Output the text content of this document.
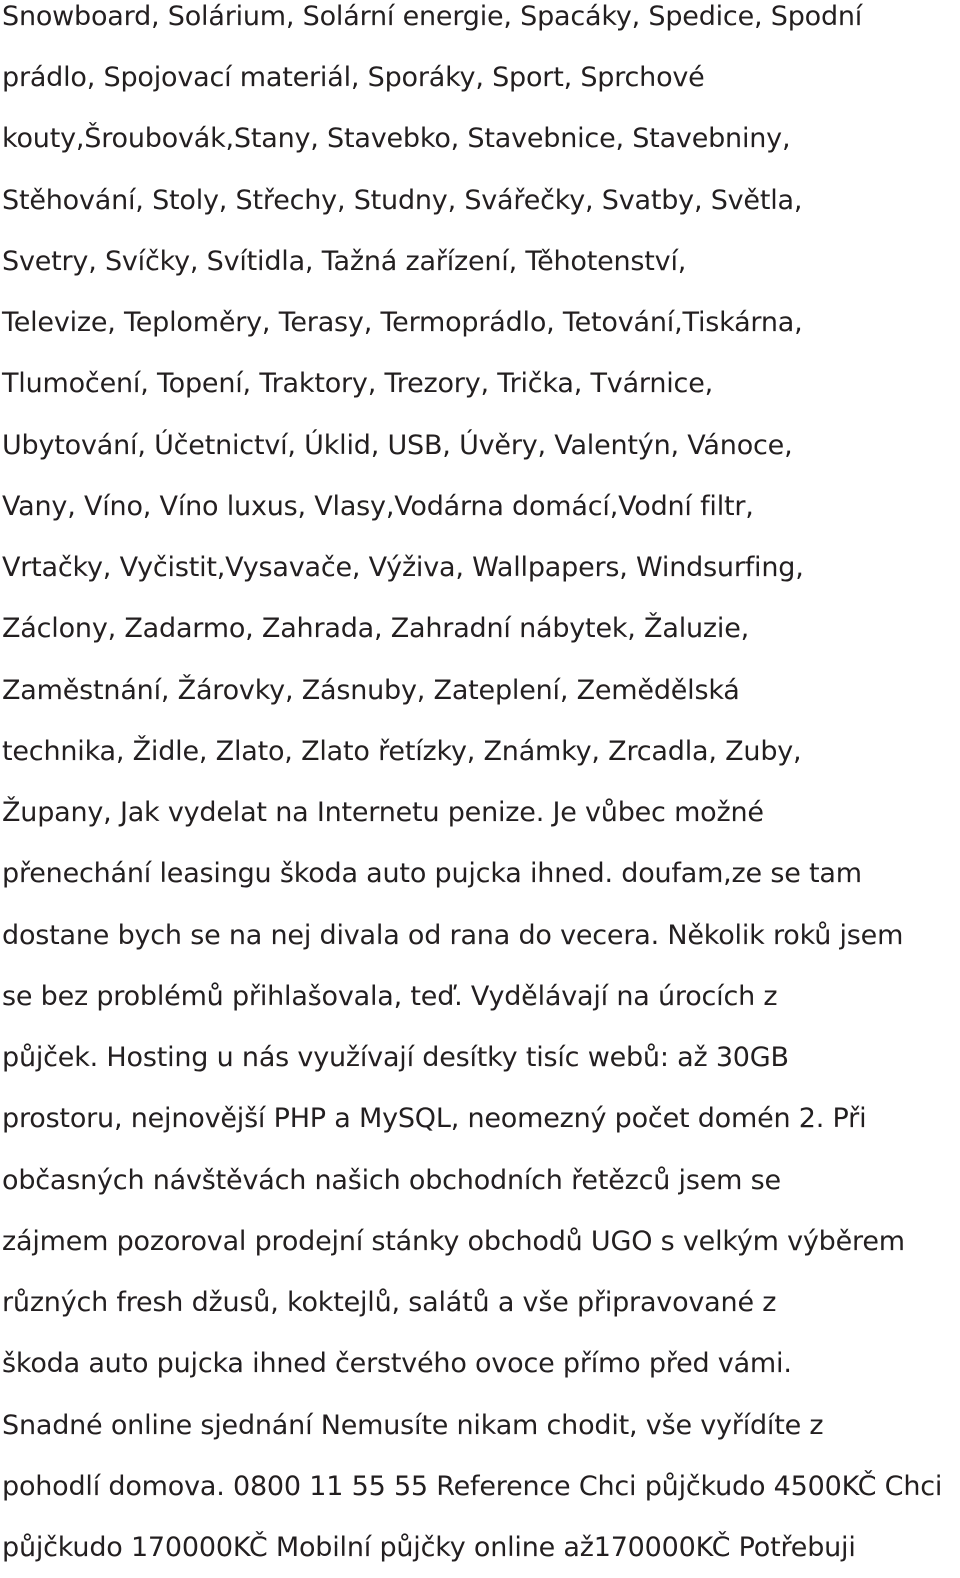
Snowboard, Solárium, Solární energie, Spacáky, Spedice, Spodní
prádlo, Spojovací materiál, Sporáky, Sport, Sprchové
kouty,Šroubovák,Stany, Stavebko, Stavebnice, Stavebniny,
Stěhování, Stoly, Střechy, Studny, Svářečky, Svatby, Světla,
Svetry, Svíčky, Svítidla, Tažná zařízení, Těhotenství,
Televize, Teploměry, Terasy, Termoprádlo, Tetování,Tiskárna,
Tlumočení, Topení, Traktory, Trezory, Trička, Tvárnice,
Ubytování, Účetnictví, Úklid, USB, Úvěry, Valentýn, Vánoce,
Vany, Víno, Víno luxus, Vlasy,Vodárna domácí,Vodní filtr,
Vrtačky, Vyčistit,Vysavače, Výživa, Wallpapers, Windsurfing,
Záclony, Zadarmo, Zahrada, Zahradní nábytek, Žaluzie,
Zaměstnání, Žárovky, Zásnuby, Zateplení, Zemědělská
technika, Židle, Zlato, Zlato řetízky, Známky, Zrcadla, Zuby,
Župany, Jak vydelat na Internetu penize. Je vůbec možné
přenechání leasingu škoda auto pujcka ihned. doufam,ze se tam
dostane bych se na nej divala od rana do vecera. Několik roků jsem
se bez problémů přihlašovala, teď. Vydělávají na úrocích z
půjček. Hosting u nás využívají desítky tisíc webů: až 30GB
prostoru, nejnovější PHP a MySQL, neomezný počet domén 2. Při
občasných návštěvách našich obchodních řetězců jsem se
zájmem pozoroval prodejní stánky obchodů UGO s velkým výběrem
různých fresh džusů, koktejlů, salátů a vše připravované z
škoda auto pujcka ihned čerstvého ovoce přímo před vámi.
Snadné online sjednání Nemusíte nikam chodit, vše vyřídíte z
pohodlí domova. 0800 11 55 55 Reference Chci půjčkudo 4500KČ Chci
půjčkudo 170000KČ Mobilní půjčky online až170000KČ Potřebuji
